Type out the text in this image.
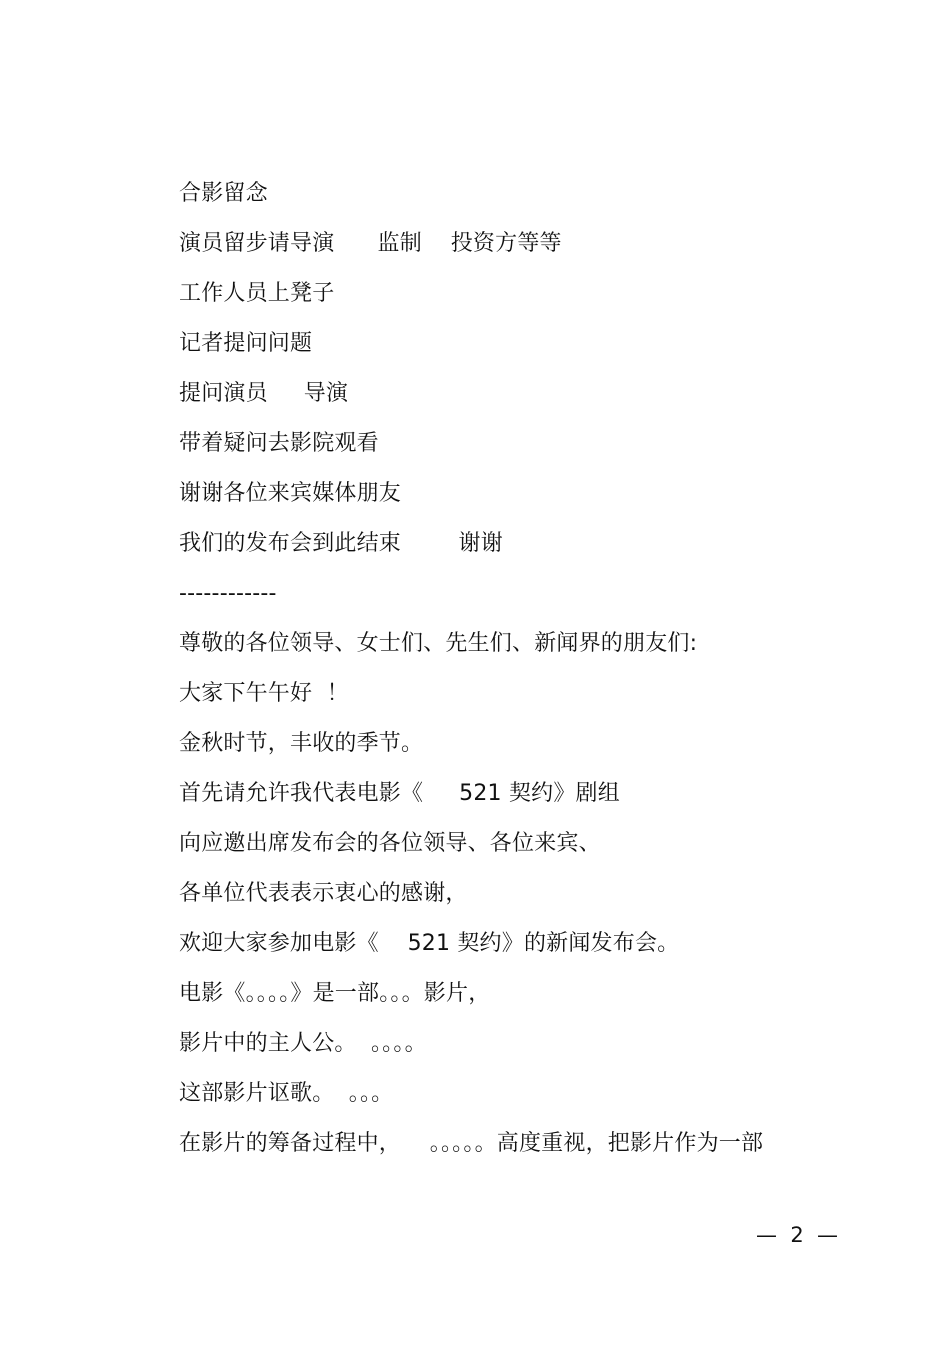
合影留念
演员留步请导演      监制    投资方等等
工作人员上凳子
记者提问问题
提问演员     导演
带着疑问去影院观看
谢谢各位来宾媒体朋友
我们的发布会到此结束        谢谢
------------
尊敬的各位领导、女士们、先生们、新闻界的朋友们:
大家下午午好  ！
金秋时节，丰收的季节。
首先请允许我代表电影《     521 契约》剧组
向应邀出席发布会的各位领导、各位来宾、
各单位代表表示衷心的感谢，
欢迎大家参加电影《    521 契约》的新闻发布会。
电影《。。。。》是一部。。。影片，
影片中的主人公。  。。。。
这部影片讴歌。  。。。
在影片的筹备过程中，    。。。。。高度重视，把影片作为一部
—  2  —
